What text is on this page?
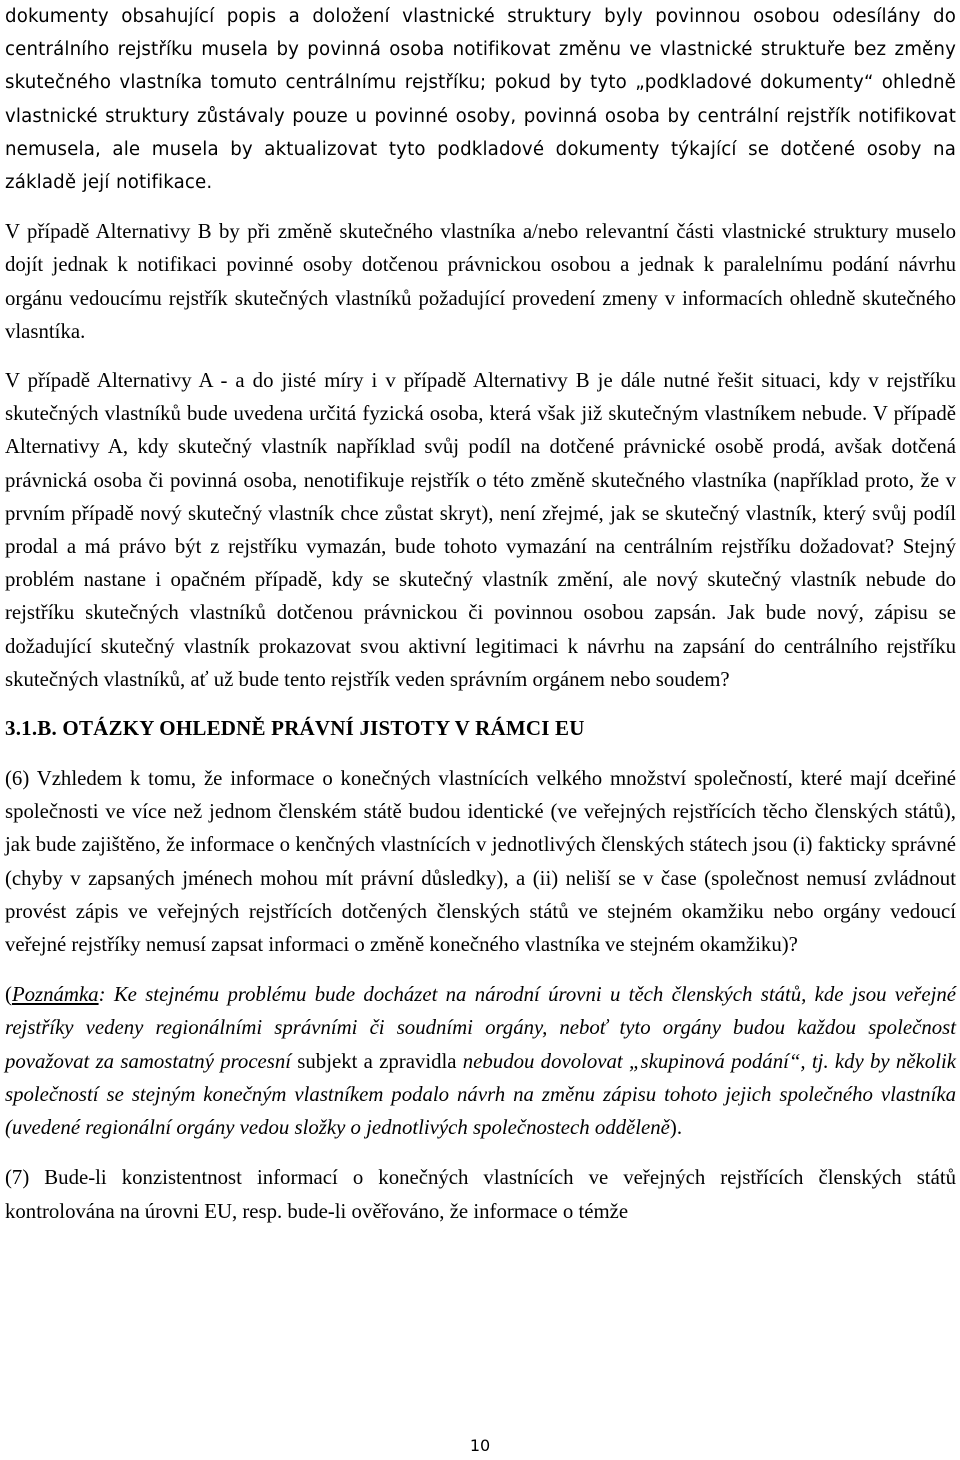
dokumenty obsahující popis a doložení vlastnické struktury byly povinnou osobou odesílány do centrálního rejstříku musela by povinná osoba notifikovat změnu ve vlastnické struktuře bez změny skutečného vlastníka tomuto centrálnímu rejstříku; pokud by tyto „podkladové dokumenty“ ohledně vlastnické struktury zůstávaly pouze u povinné osoby, povinná osoba by centrální rejstřík notifikovat nemusela, ale musela by aktualizovat tyto podkladové dokumenty týkající se dotčené osoby na základě její notifikace.

V případě Alternativy B by při změně skutečného vlastníka a/nebo relevantní části vlastnické struktury muselo dojít jednak k notifikaci povinné osoby dotčenou právnickou osobou a jednak k paralelnímu podání návrhu orgánu vedoucímu rejstřík skutečných vlastníků požadující provedení zmeny v informacích ohledně skutečného vlasntíka.

V případě Alternativy A - a do jisté míry i v případě Alternativy B je dále nutné řešit situaci, kdy v rejstříku skutečných vlastníků bude uvedena určitá fyzická osoba, která však již skutečným vlastníkem nebude. V případě Alternativy A, kdy skutečný vlastník například svůj podíl na dotčené právnické osobě prodá, avšak dotčená právnická osoba či povinná osoba, nenotifikuje rejstřík o této změně skutečného vlastníka (například proto, že v prvním případě nový skutečný vlastník chce zůstat skryt), není zřejmé, jak se skutečný vlastník, který svůj podíl prodal a má právo být z rejstříku vymazán, bude tohoto vymazání na centrálním rejstříku dožadovat? Stejný problém nastane i opačném případě, kdy se skutečný vlastník změní, ale nový skutečný vlastník nebude do rejstříku skutečných vlastníků dotčenou právnickou či povinnou osobou zapsán. Jak bude nový, zápisu se dožadující skutečný vlastník prokazovat svou aktivní legitimaci k návrhu na zapsání do centrálního rejstříku skutečných vlastníků, ať už bude tento rejstřík veden správním orgánem nebo soudem?

3.1.B. OTÁZKY OHLEDNĚ PRÁVNÍ JISTOTY V RÁMCI EU

(6) Vzhledem k tomu, že informace o konečných vlastnících velkého množství společností, které mají dceřiné společnosti ve více než jednom členském státě budou identické (ve veřejných rejstřících těcho členských států), jak bude zajištěno, že informace o kenčných vlastnících v jednotlivých členských státech jsou (i) fakticky správné (chyby v zapsaných jménech mohou mít právní důsledky), a (ii) neliší se v čase (společnost nemusí zvládnout provést zápis ve veřejných rejstřících dotčených členských států ve stejném okamžiku nebo orgány vedoucí veřejné rejstříky nemusí zapsat informaci o změně konečného vlastníka ve stejném okamžiku)?

(Poznámka: Ke stejnému problému bude docházet na národní úrovni u těch členských států, kde jsou veřejné rejstříky vedeny regionálními správními či soudními orgány, neboť tyto orgány budou každou společnost považovat za samostatný procesní subjekt a zpravidla nebudou dovolovat „skupinová podání“, tj. kdy by několik společností se stejným konečným vlastníkem podalo návrh na změnu zápisu tohoto jejich společného vlastníka (uvedené regionální orgány vedou složky o jednotlivých společnostech odděleně).

(7) Bude-li konzistentnost informací o konečných vlastnících ve veřejných rejstřících členských států kontrolována na úrovni EU, resp. bude-li ověřováno, že informace o témže

10
